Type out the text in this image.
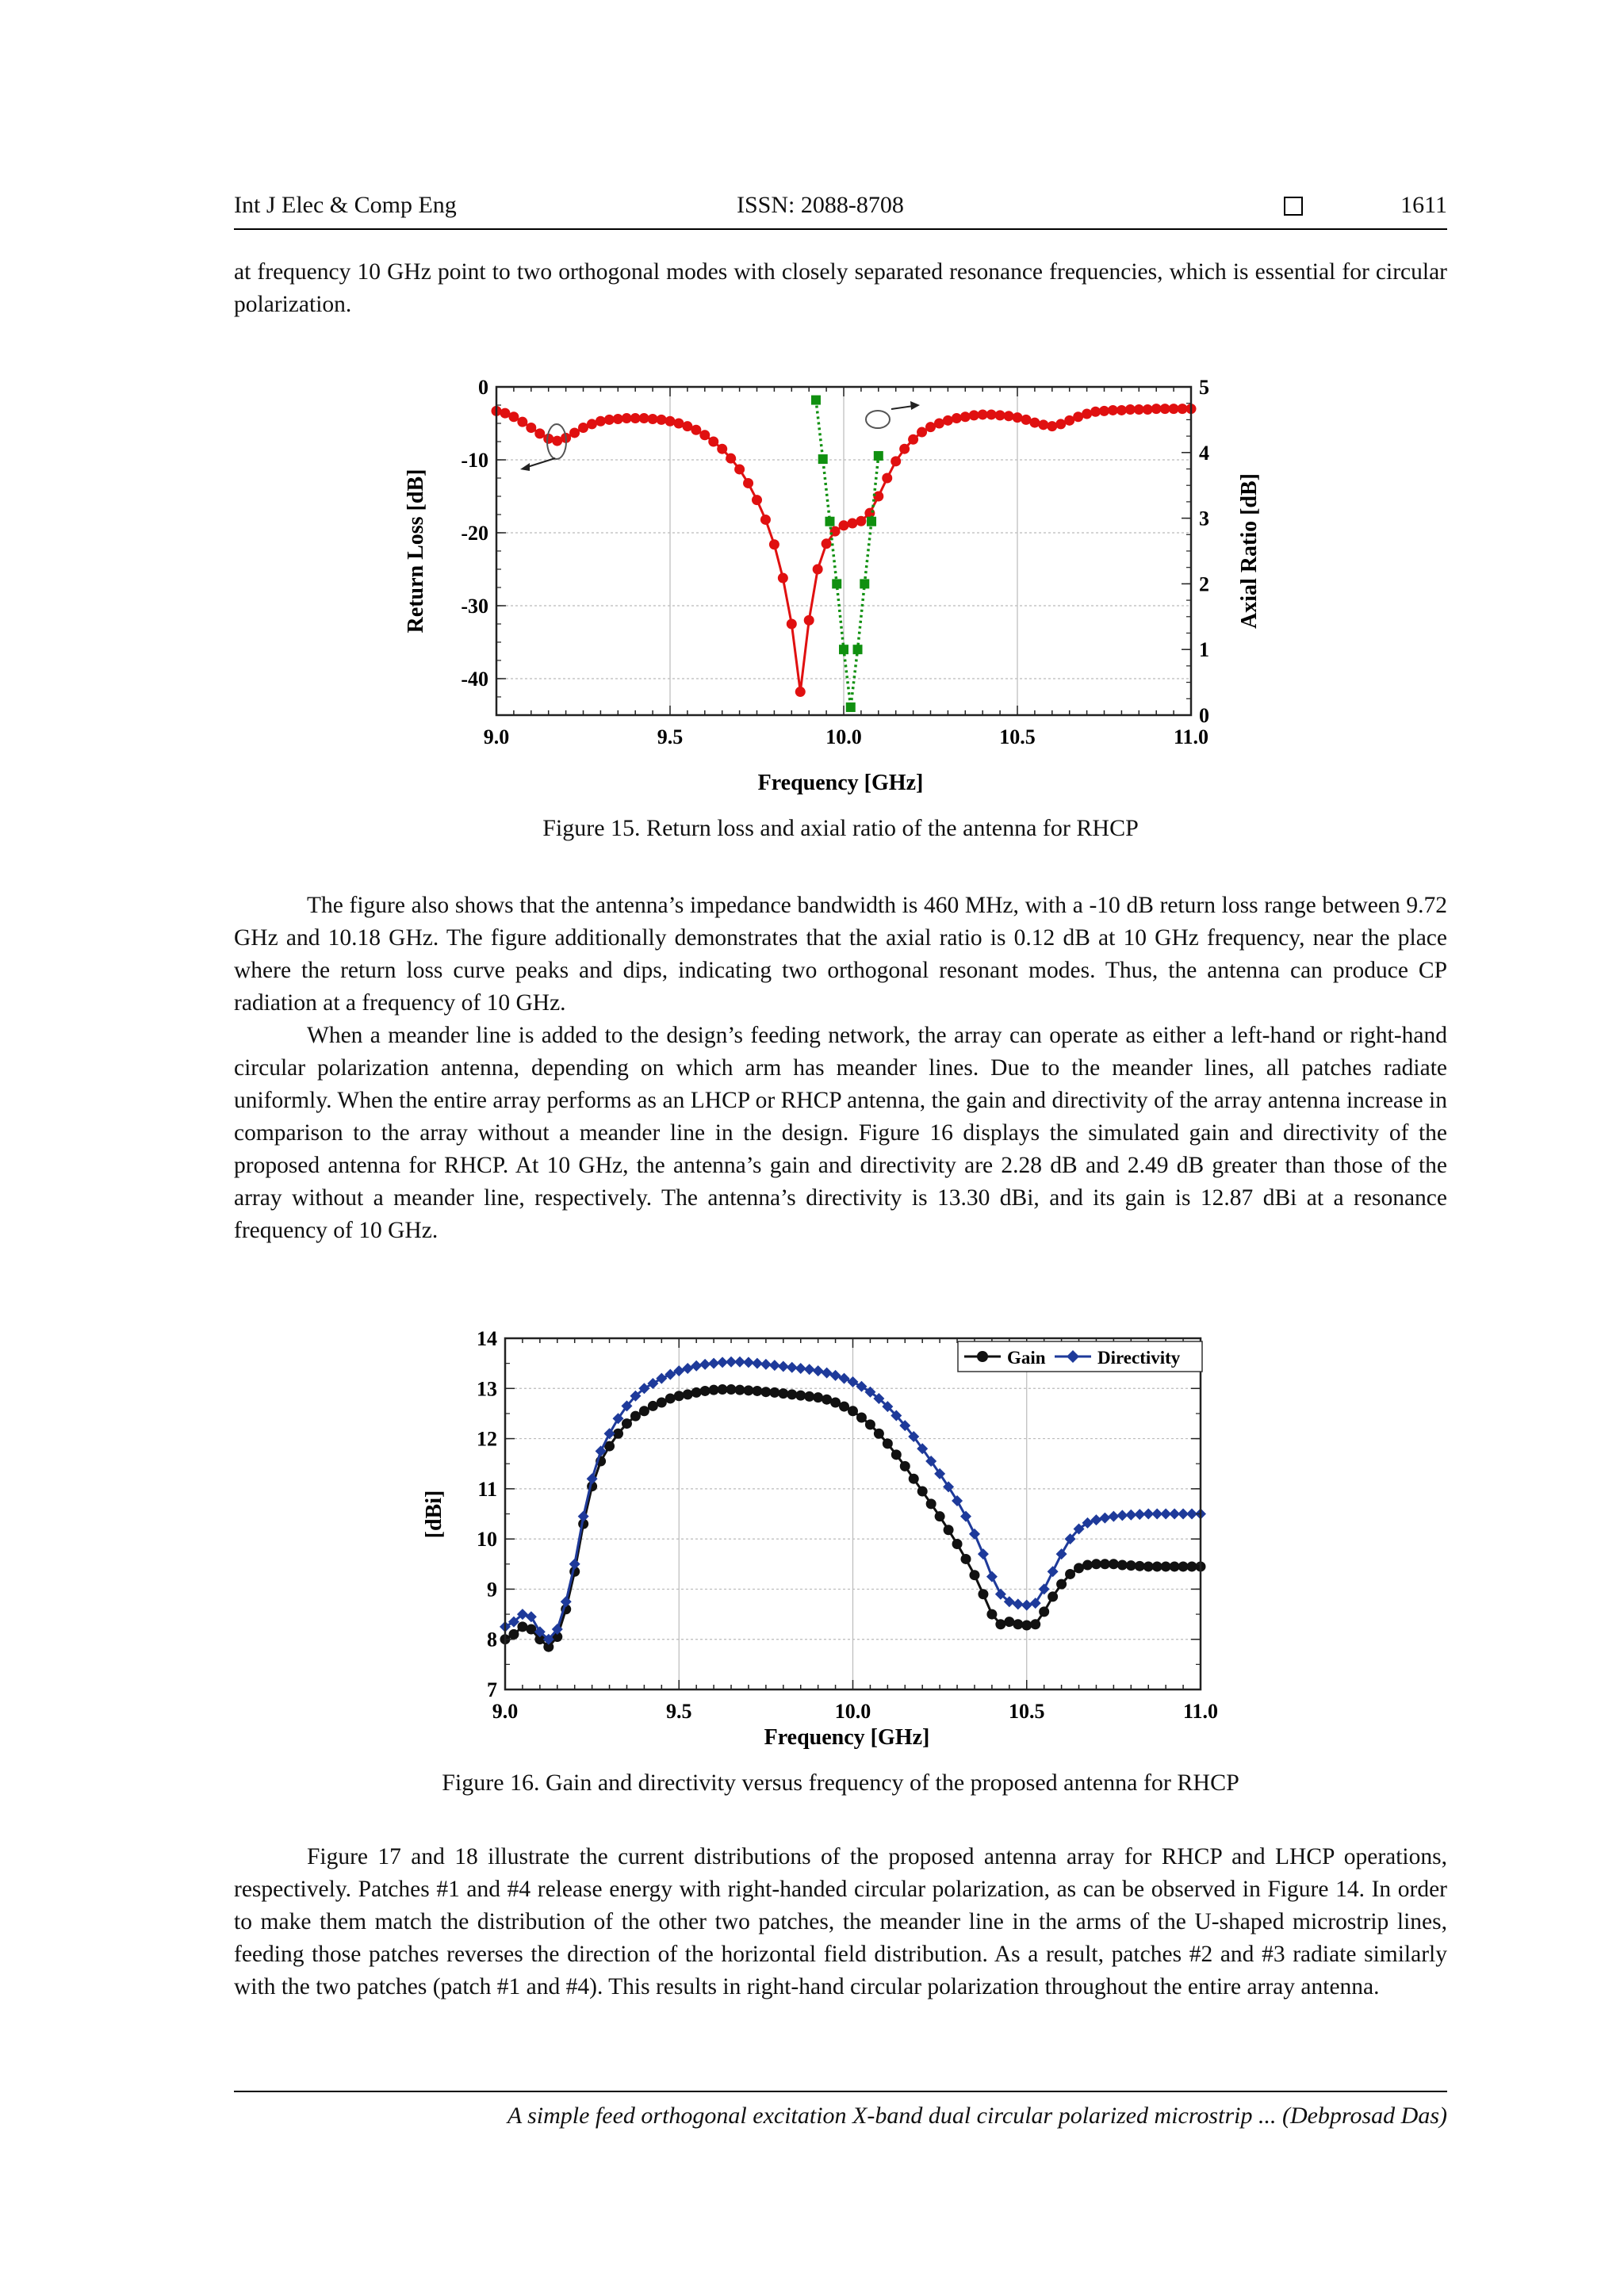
Int J Elec & Comp Eng	ISSN: 2088-8708	1611

at frequency 10 GHz point to two orthogonal modes with closely separated resonance frequencies, which is essential for circular polarization.

9.0	9.5	10.0	10.5	11.0
0
-10
-20
-30
-40
5
4
3
2
1
0
Frequency [GHz]
Return Loss [dB]	Axial Ratio [dB]
Figure 15. Return loss and axial ratio of the antenna for RHCP

The figure also shows that the antenna’s impedance bandwidth is 460 MHz, with a -10 dB return loss range between 9.72 GHz and 10.18 GHz. The figure additionally demonstrates that the axial ratio is 0.12 dB at 10 GHz frequency, near the place where the return loss curve peaks and dips, indicating two orthogonal resonant modes. Thus, the antenna can produce CP radiation at a frequency of 10 GHz.

When a meander line is added to the design’s feeding network, the array can operate as either a left-hand or right-hand circular polarization antenna, depending on which arm has meander lines. Due to the meander lines, all patches radiate uniformly. When the entire array performs as an LHCP or RHCP antenna, the gain and directivity of the array antenna increase in comparison to the array without a meander line in the design. Figure 16 displays the simulated gain and directivity of the proposed antenna for RHCP. At 10 GHz, the antenna’s gain and directivity are 2.28 dB and 2.49 dB greater than those of the array without a meander line, respectively. The antenna’s directivity is 13.30 dBi, and its gain is 12.87 dBi at a resonance frequency of 10 GHz.

9.0	9.5	10.0	10.5	11.0
14
13
12
11
10
9
8
7
Gain	Directivity
Frequency [GHz]
[dBi]
Figure 16. Gain and directivity versus frequency of the proposed antenna for RHCP

Figure 17 and 18 illustrate the current distributions of the proposed antenna array for RHCP and LHCP operations, respectively. Patches #1 and #4 release energy with right-handed circular polarization, as can be observed in Figure 14. In order to make them match the distribution of the other two patches, the meander line in the arms of the U-shaped microstrip lines, feeding those patches reverses the direction of the horizontal field distribution. As a result, patches #2 and #3 radiate similarly with the two patches (patch #1 and #4). This results in right-hand circular polarization throughout the entire array antenna.

A simple feed orthogonal excitation X-band dual circular polarized microstrip ... (Debprosad Das)
